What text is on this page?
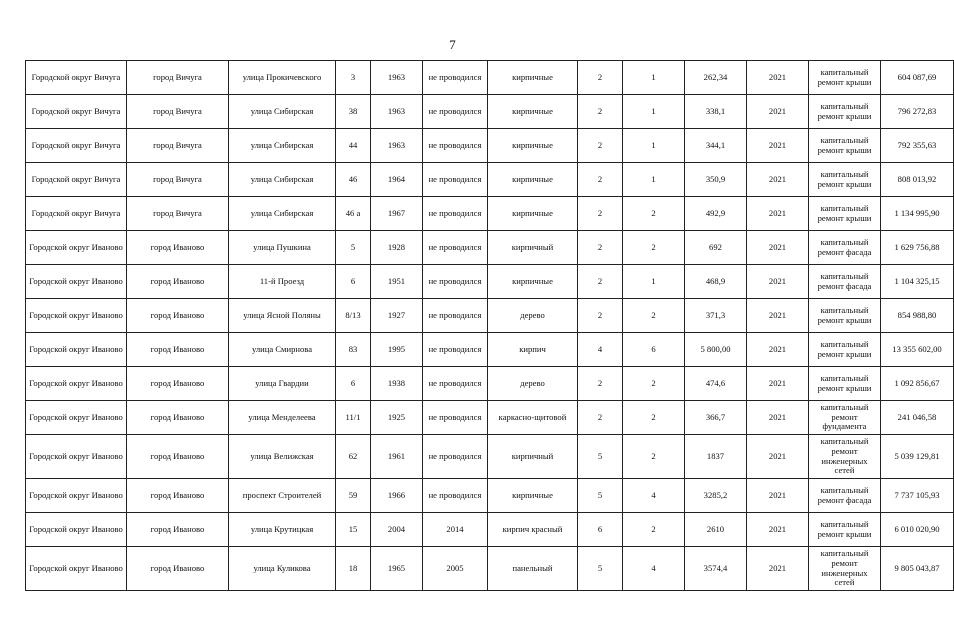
7
Городской округ Вичуга	город Вичуга	улица Прокичевского	3	1963	не проводился	кирпичные	2	1	262,34	2021	капитальный ремонт крыши	604 087,69
Городской округ Вичуга	город Вичуга	улица Сибирская	38	1963	не проводился	кирпичные	2	1	338,1	2021	капитальный ремонт крыши	796 272,83
Городской округ Вичуга	город Вичуга	улица Сибирская	44	1963	не проводился	кирпичные	2	1	344,1	2021	капитальный ремонт крыши	792 355,63
Городской округ Вичуга	город Вичуга	улица Сибирская	46	1964	не проводился	кирпичные	2	1	350,9	2021	капитальный ремонт крыши	808 013,92
Городской округ Вичуга	город Вичуга	улица Сибирская	46 а	1967	не проводился	кирпичные	2	2	492,9	2021	капитальный ремонт крыши	1 134 995,90
Городской округ Иваново	город Иваново	улица Пушкина	5	1928	не проводился	кирпичный	2	2	692	2021	капитальный ремонт фасада	1 629 756,88
Городской округ Иваново	город Иваново	11-й Проезд	6	1951	не проводился	кирпичные	2	1	468,9	2021	капитальный ремонт фасада	1 104 325,15
Городской округ Иваново	город Иваново	улица Ясной Поляны	8/13	1927	не проводился	дерево	2	2	371,3	2021	капитальный ремонт крыши	854 988,80
Городской округ Иваново	город Иваново	улица Смирнова	83	1995	не проводился	кирпич	4	6	5 800,00	2021	капитальный ремонт крыши	13 355 602,00
Городской округ Иваново	город Иваново	улица Гвардии	6	1938	не проводился	дерево	2	2	474,6	2021	капитальный ремонт крыши	1 092 856,67
Городской округ Иваново	город Иваново	улица Менделеева	11/1	1925	не проводился	каркасно-щитовой	2	2	366,7	2021	капитальный ремонт фундамента	241 046,58
Городской округ Иваново	город Иваново	улица Велижская	62	1961	не проводился	кирпичный	5	2	1837	2021	капитальный ремонт инженерных сетей	5 039 129,81
Городской округ Иваново	город Иваново	проспект Строителей	59	1966	не проводился	кирпичные	5	4	3285,2	2021	капитальный ремонт фасада	7 737 105,93
Городской округ Иваново	город Иваново	улица Крутицкая	15	2004	2014	кирпич красный	6	2	2610	2021	капитальный ремонт крыши	6 010 020,90
Городской округ Иваново	город Иваново	улица Куликова	18	1965	2005	панельный	5	4	3574,4	2021	капитальный ремонт инженерных сетей	9 805 043,87
